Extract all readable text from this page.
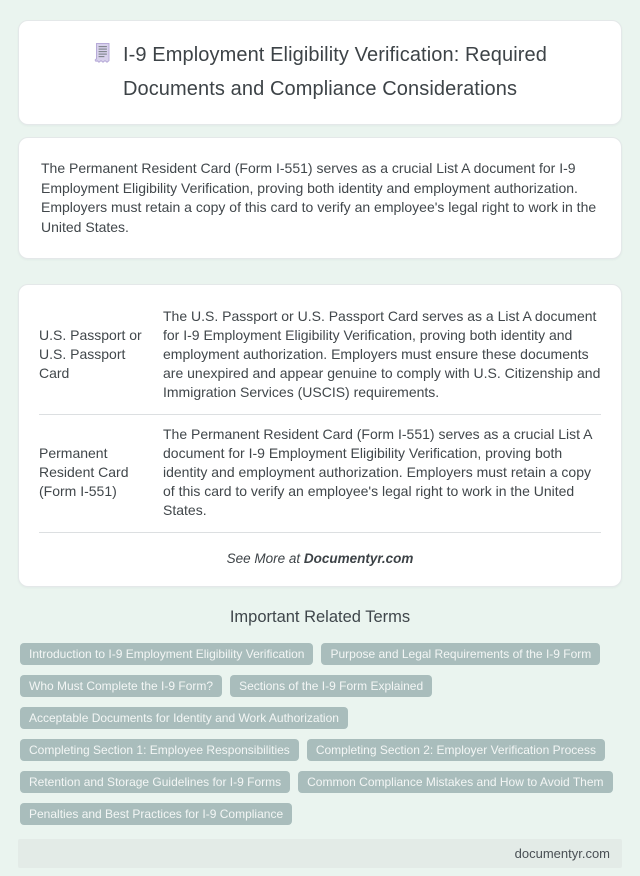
I-9 Employment Eligibility Verification: Required Documents and Compliance Considerations

The Permanent Resident Card (Form I-551) serves as a crucial List A document for I-9 Employment Eligibility Verification, proving both identity and employment authorization. Employers must retain a copy of this card to verify an employee's legal right to work in the United States.

U.S. Passport or U.S. Passport Card	The U.S. Passport or U.S. Passport Card serves as a List A document for I-9 Employment Eligibility Verification, proving both identity and employment authorization. Employers must ensure these documents are unexpired and appear genuine to comply with U.S. Citizenship and Immigration Services (USCIS) requirements.
Permanent Resident Card (Form I-551)	The Permanent Resident Card (Form I-551) serves as a crucial List A document for I-9 Employment Eligibility Verification, proving both identity and employment authorization. Employers must retain a copy of this card to verify an employee's legal right to work in the United States.
See More at Documentyr.com
Important Related Terms
Introduction to I-9 Employment Eligibility Verification	Purpose and Legal Requirements of the I-9 Form
Who Must Complete the I-9 Form?	Sections of the I-9 Form Explained
Acceptable Documents for Identity and Work Authorization
Completing Section 1: Employee Responsibilities	Completing Section 2: Employer Verification Process
Retention and Storage Guidelines for I-9 Forms	Common Compliance Mistakes and How to Avoid Them
Penalties and Best Practices for I-9 Compliance
documentyr.com
